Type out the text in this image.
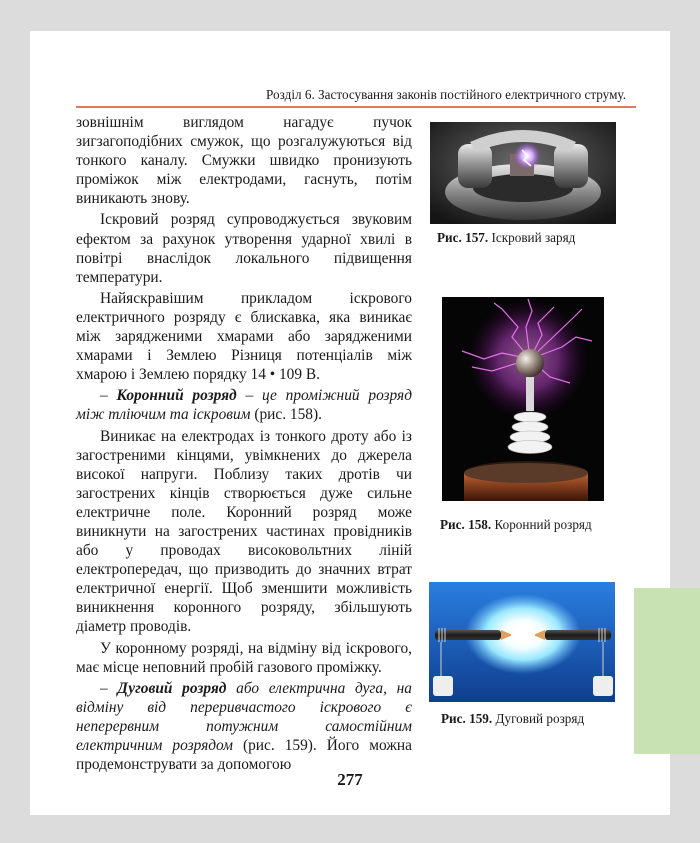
Розділ 6. Застосування законів постійного електричного струму.

зовнішнім виглядом нагадує пучок зигзагоподібних смужок, що розгалужуються від тонкого каналу. Смужки швидко пронизують проміжок між електродами, гаснуть, потім виникають знову.

Іскровий розряд супроводжується звуковим ефектом за рахунок утворення ударної хвилі в повітрі внаслідок локального підвищення температури.

Найяскравішим прикладом іскрового електричного розряду є блискавка, яка виникає між зарядженими хмарами або зарядженими хмарами і Землею Різниця потенціалів між хмарою і Землею порядку 14 • 109 В.

– Коронний розряд – це проміжний розряд між тліючим та іскровим (рис. 158).

Виникає на електродах із тонкого дроту або із загостреними кінцями, увімкнених до джерела високої напруги. Поблизу таких дротів чи загострених кінців створюється дуже сильне електричне поле. Коронний розряд може виникнути на загострених частинах провідників або у проводах високовольтних ліній електропередач, що призводить до значних втрат електричної енергії. Щоб зменшити можливість виникнення коронного розряду, збільшують діаметр проводів.

У коронному розряді, на відміну від іскрового, має місце неповний пробій газового проміжку.

– Дуговий розряд або електрична дуга, на відміну від переривчастого іскрового є неперервним потужним самостійним електричним розрядом (рис. 159). Його можна продемонструвати за допомогою

Рис. 157. Іскровий заряд
Рис. 158. Коронний розряд
Рис. 159. Дуговий розряд
277
